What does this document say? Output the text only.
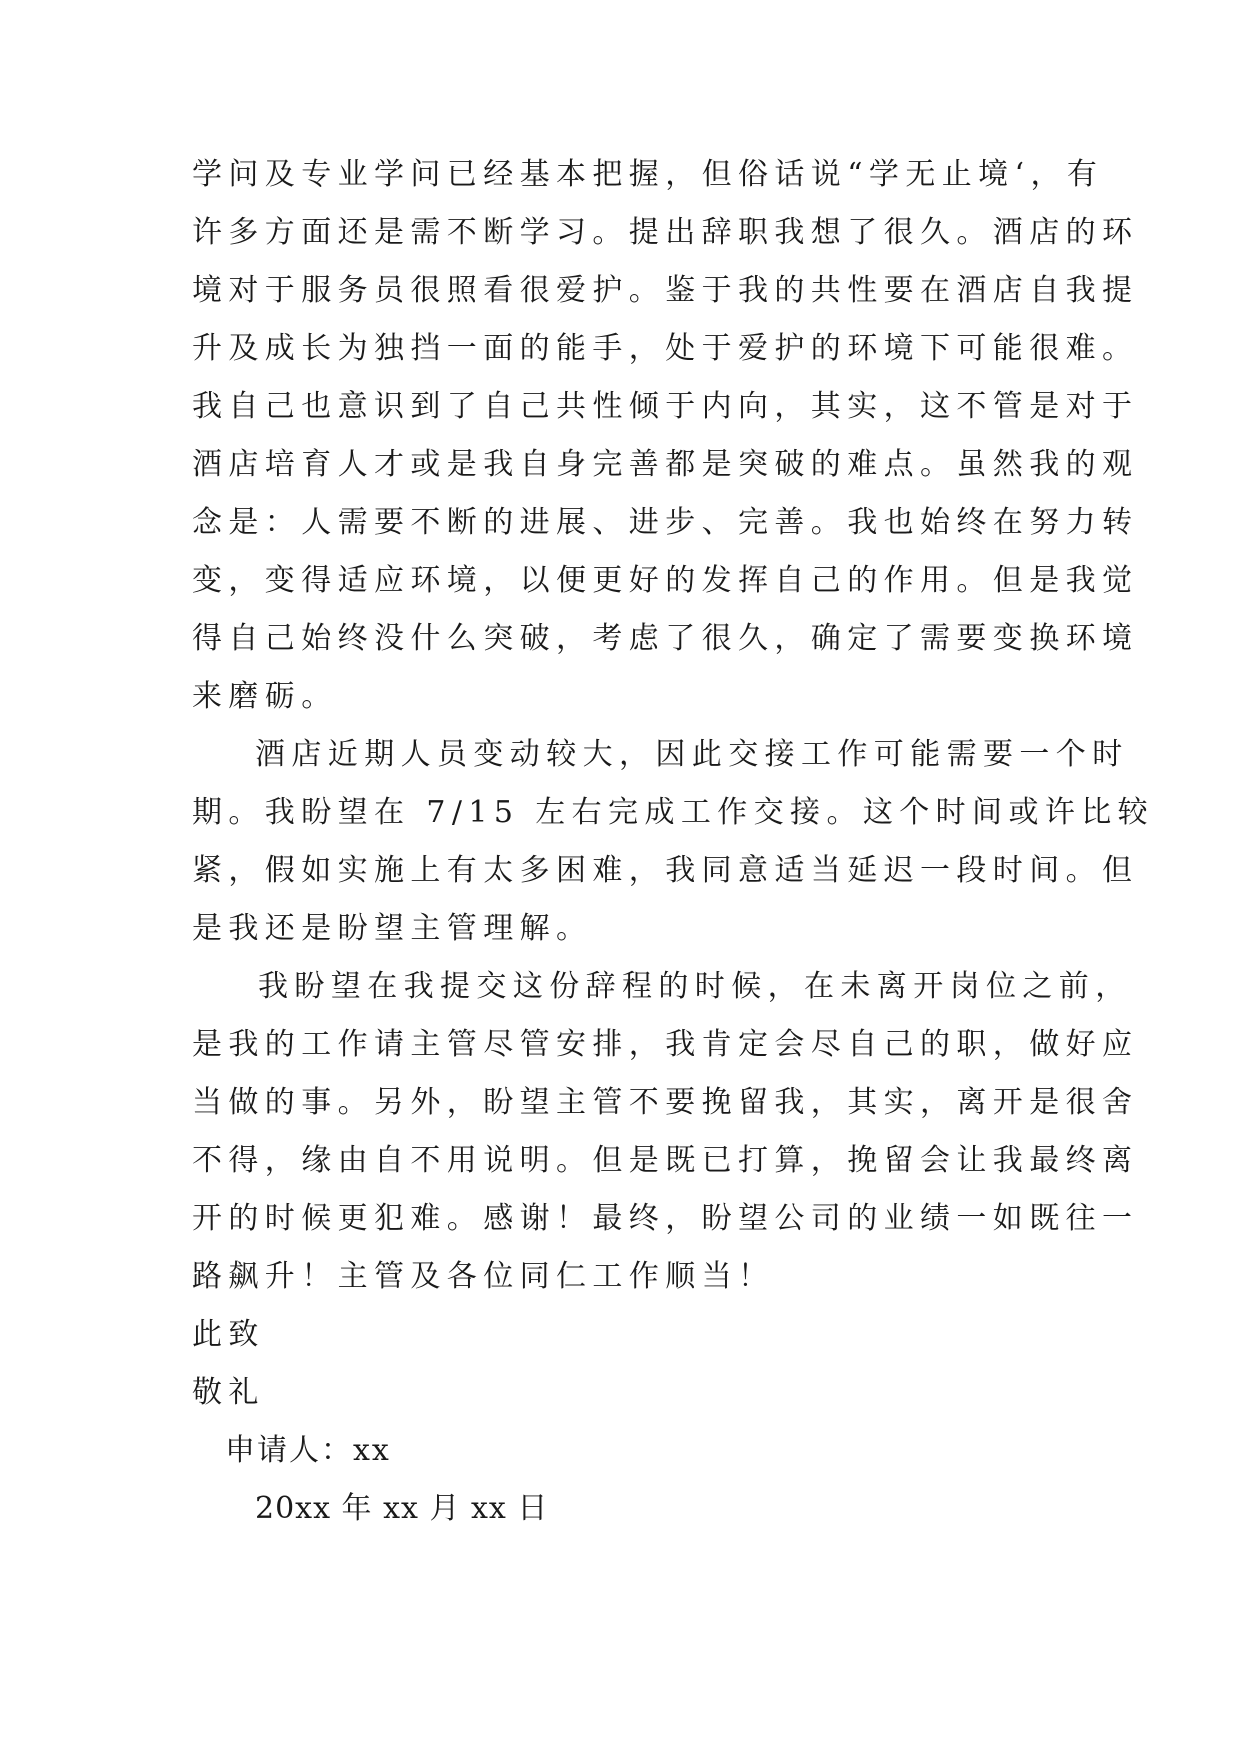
学问及专业学问已经基本把握，但俗话说“学无止境‘，有

许多方面还是需不断学习。提出辞职我想了很久。酒店的环

境对于服务员很照看很爱护。鉴于我的共性要在酒店自我提

升及成长为独挡一面的能手，处于爱护的环境下可能很难。

我自己也意识到了自己共性倾于内向，其实，这不管是对于

酒店培育人才或是我自身完善都是突破的难点。虽然我的观

念是：人需要不断的进展、进步、完善。我也始终在努力转

变，变得适应环境，以便更好的发挥自己的作用。但是我觉

得自己始终没什么突破，考虑了很久，确定了需要变换环境

来磨砺。

酒店近期人员变动较大，因此交接工作可能需要一个时

期。我盼望在 7/15 左右完成工作交接。这个时间或许比较

紧，假如实施上有太多困难，我同意适当延迟一段时间。但

是我还是盼望主管理解。

我盼望在我提交这份辞程的时候，在未离开岗位之前，

是我的工作请主管尽管安排，我肯定会尽自己的职，做好应

当做的事。另外，盼望主管不要挽留我，其实，离开是很舍

不得，缘由自不用说明。但是既已打算，挽留会让我最终离

开的时候更犯难。感谢！最终，盼望公司的业绩一如既往一

路飙升！主管及各位同仁工作顺当！

此致

敬礼

申请人：xx

20xx 年 xx 月 xx 日
